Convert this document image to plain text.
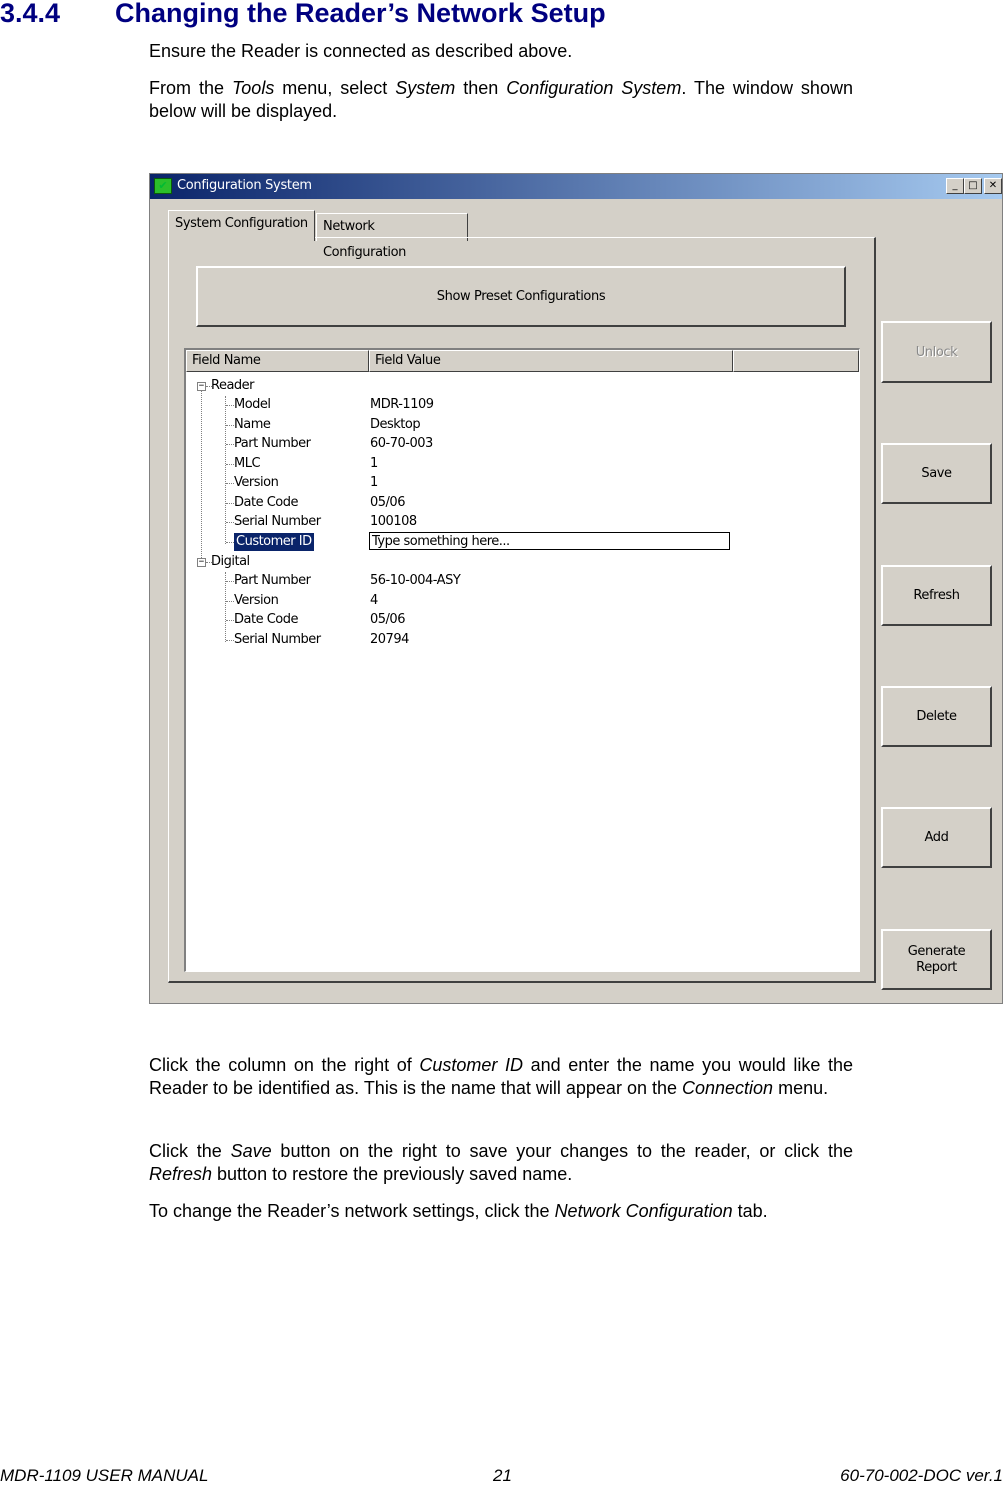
3.4.4 Changing the Reader’s Network Setup
Ensure the Reader is connected as described above.
From the Tools menu, select System then Configuration System. The window shown below will be displayed.
✔ Configuration System	_	□	✕
System Configuration	Network Configuration
Show Preset Configurations
Field Name	Field Value
− Reader
Model	MDR-1109
Name	Desktop
Part Number	60-70-003
MLC	1
Version	1
Date Code	05/06
Serial Number	100108
Customer ID	Type something here...
− Digital
Part Number	56-10-004-ASY
Version	4
Date Code	05/06
Serial Number	20794
Unlock
Save
Refresh
Delete
Add
Generate
Report
Click the column on the right of Customer ID and enter the name you would like the Reader to be identified as. This is the name that will appear on the Connection menu.
Click the Save button on the right to save your changes to the reader, or click the Refresh button to restore the previously saved name.
To change the Reader’s network settings, click the Network Configuration tab.
MDR-1109 USER MANUAL	21	60-70-002-DOC ver.1
